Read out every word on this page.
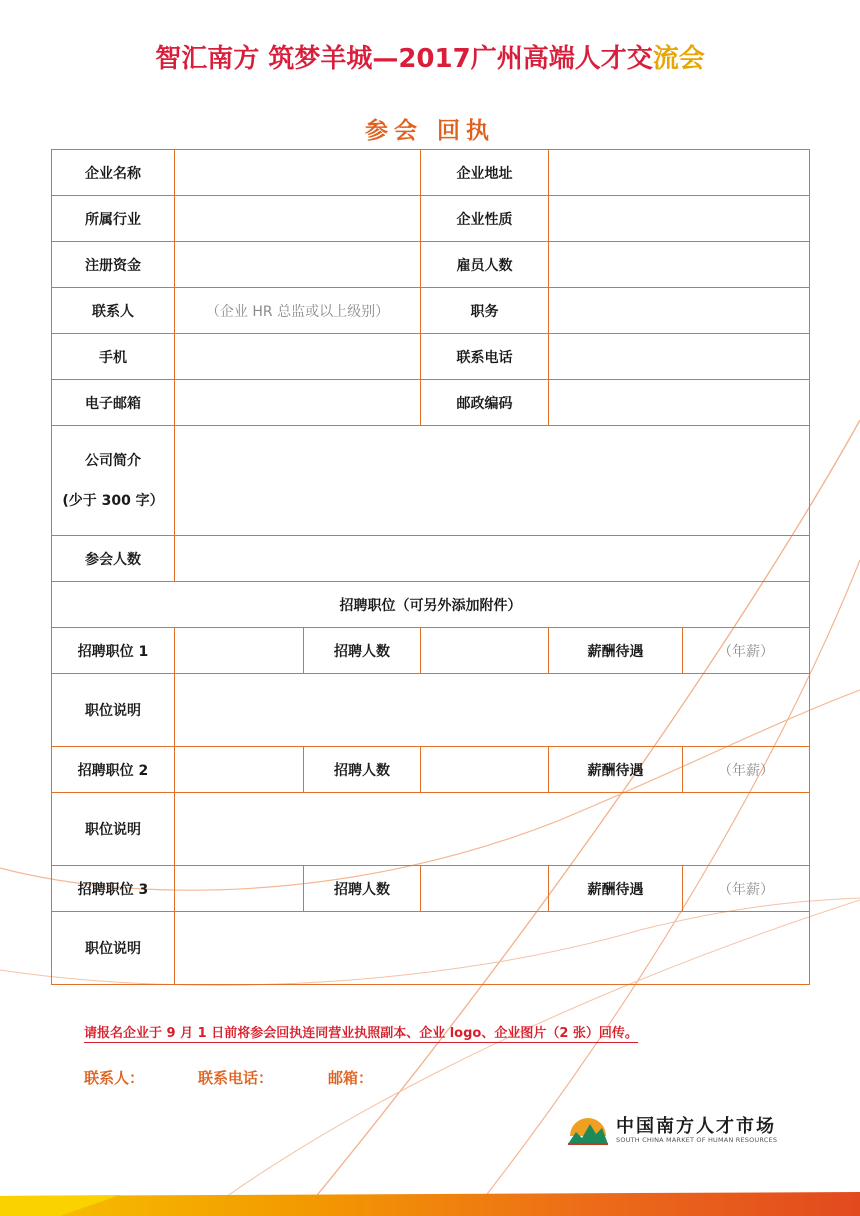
智汇南方 筑梦羊城—2017广州高端人才交流会
参会 回执
企业名称			企业地址		
所属行业			企业性质		
注册资金			雇员人数		
联系人	（企业 HR 总监或以上级别）		职务		
手机			联系电话		
电子邮箱			邮政编码		
公司简介
(少于 300 字）					
参会人数					
招聘职位（可另外添加附件）					
招聘职位 1		招聘人数		薪酬待遇	（年薪）
职位说明					
招聘职位 2		招聘人数		薪酬待遇	（年薪）
职位说明					
招聘职位 3		招聘人数		薪酬待遇	（年薪）
职位说明					
请报名企业于 9 月 1 日前将参会回执连同营业执照副本、企业 logo、企业图片（2 张）回传。
联系人：	联系电话：	邮箱：
中国南方人才市场
SOUTH CHINA MARKET OF HUMAN RESOURCES
